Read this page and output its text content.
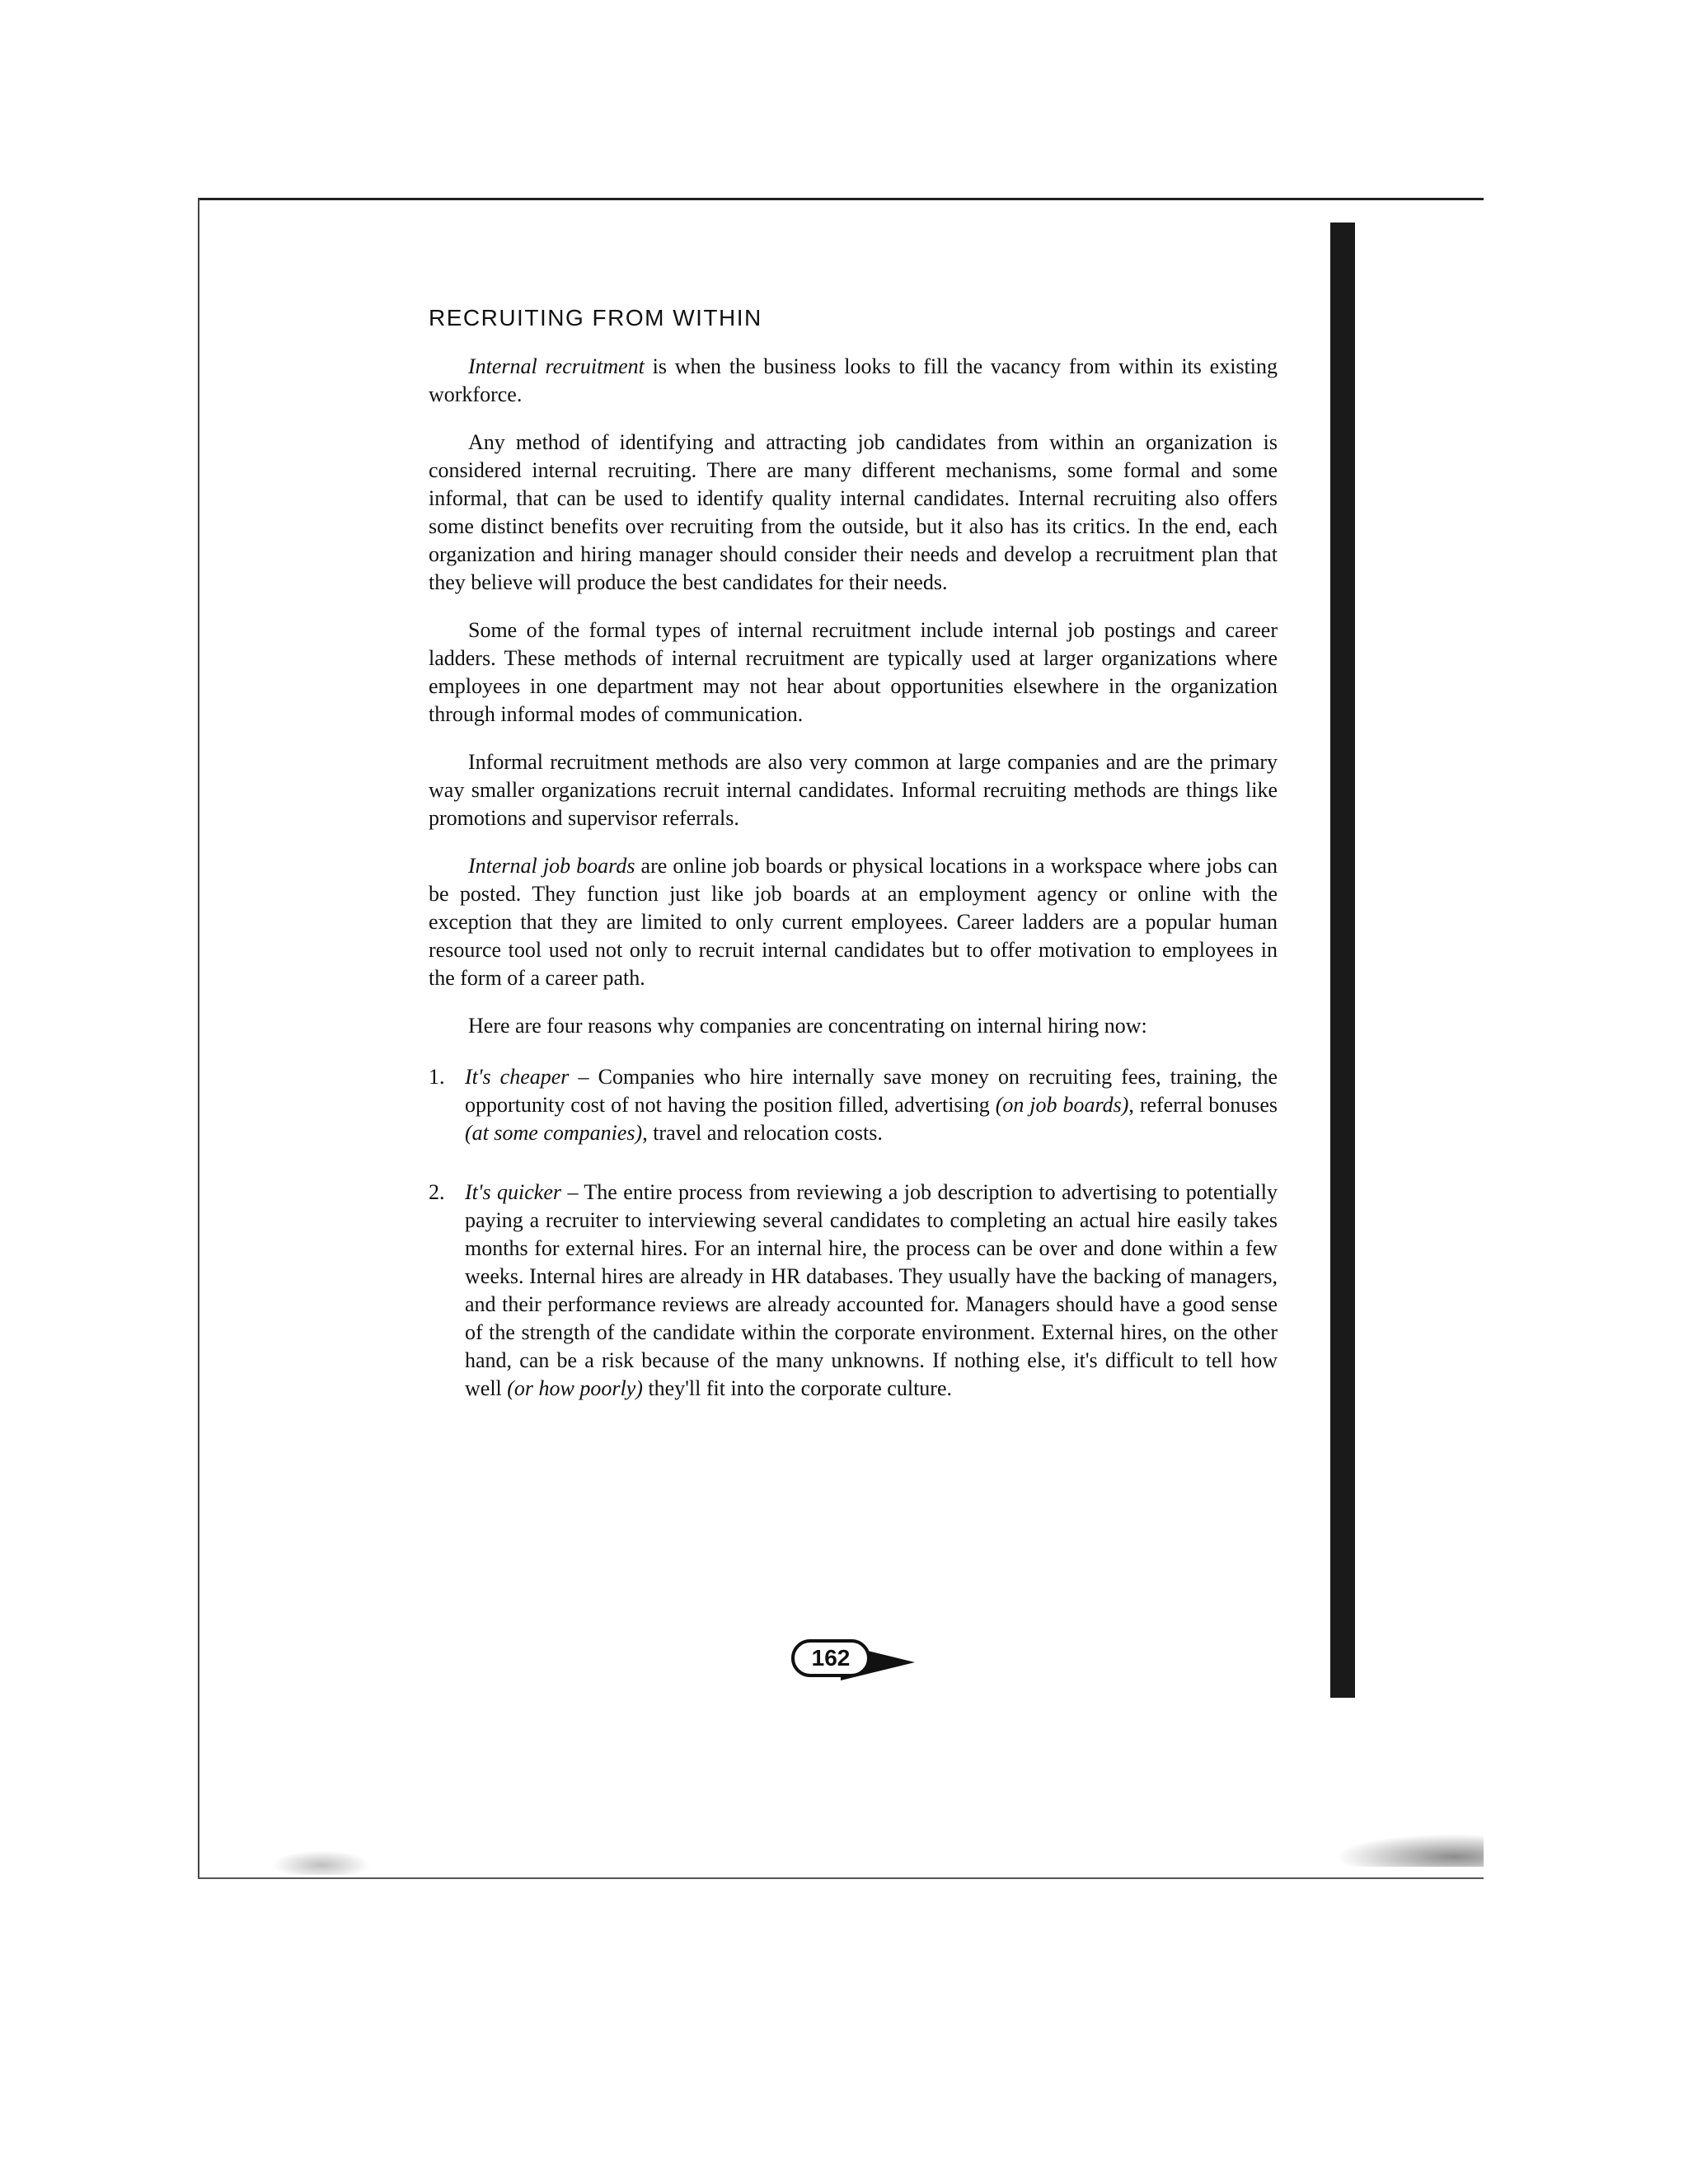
RECRUITING FROM WITHIN

Internal recruitment is when the business looks to fill the vacancy from within its existing workforce.

Any method of identifying and attracting job candidates from within an organization is considered internal recruiting. There are many different mechanisms, some formal and some informal, that can be used to identify quality internal candidates. Internal recruiting also offers some distinct benefits over recruiting from the outside, but it also has its critics. In the end, each organization and hiring manager should consider their needs and develop a recruitment plan that they believe will produce the best candidates for their needs.

Some of the formal types of internal recruitment include internal job postings and career ladders. These methods of internal recruitment are typically used at larger organizations where employees in one department may not hear about opportunities elsewhere in the organization through informal modes of communication.

Informal recruitment methods are also very common at large companies and are the primary way smaller organizations recruit internal candidates. Informal recruiting methods are things like promotions and supervisor referrals.

Internal job boards are online job boards or physical locations in a workspace where jobs can be posted. They function just like job boards at an employment agency or online with the exception that they are limited to only current employees. Career ladders are a popular human resource tool used not only to recruit internal candidates but to offer motivation to employees in the form of a career path.

Here are four reasons why companies are concentrating on internal hiring now:

1. It's cheaper – Companies who hire internally save money on recruiting fees, training, the opportunity cost of not having the position filled, advertising (on job boards), referral bonuses (at some companies), travel and relocation costs.
2. It's quicker – The entire process from reviewing a job description to advertising to potentially paying a recruiter to interviewing several candidates to completing an actual hire easily takes months for external hires. For an internal hire, the process can be over and done within a few weeks. Internal hires are already in HR databases. They usually have the backing of managers, and their performance reviews are already accounted for. Managers should have a good sense of the strength of the candidate within the corporate environment. External hires, on the other hand, can be a risk because of the many unknowns. If nothing else, it's difficult to tell how well (or how poorly) they'll fit into the corporate culture.
162
